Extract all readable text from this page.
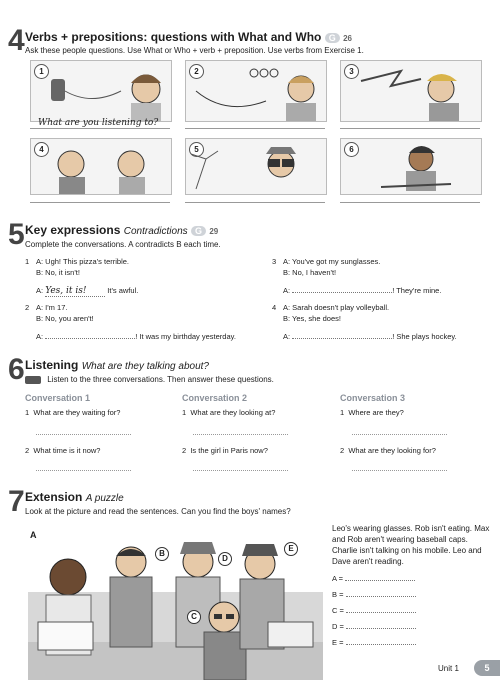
4 Verbs + prepositions: questions with What and Who G 26
Ask these people questions. Use What or Who + verb + preposition. Use verbs from Exercise 1.
1
What are you listening to?
2	3
4	5	6
5 Key expressions Contradictions G 29
Complete the conversations. A contradicts B each time.
1 A: Ugh! This pizza's terrible.
B: No, it isn't!
A: Yes, it is!	It's awful.
2 A: I'm 17.
B: No, you aren't!
A:	! It was my birthday yesterday.
3 A: You've got my sunglasses.
B: No, I haven't!
A:	! They're mine.
4 A: Sarah doesn't play volleyball.
B: Yes, she does!
A:	! She plays hockey.
6 Listening What are they talking about?
Listen to the three conversations. Then answer these questions.
Conversation 1
1 What are they waiting for?
2 What time is it now?
Conversation 2
1 What are they looking at?
2 Is the girl in Paris now?
Conversation 3
1 Where are they?
2 What are they looking for?
7 Extension A puzzle
Look at the picture and read the sentences. Can you find the boys' names?
A
B
C
D
E
Leo's wearing glasses. Rob isn't eating. Max and Rob aren't wearing baseball caps. Charlie isn't talking on his mobile. Leo and Dave aren't reading.
A =
B =
C =
D =
E =
Unit 1	5
